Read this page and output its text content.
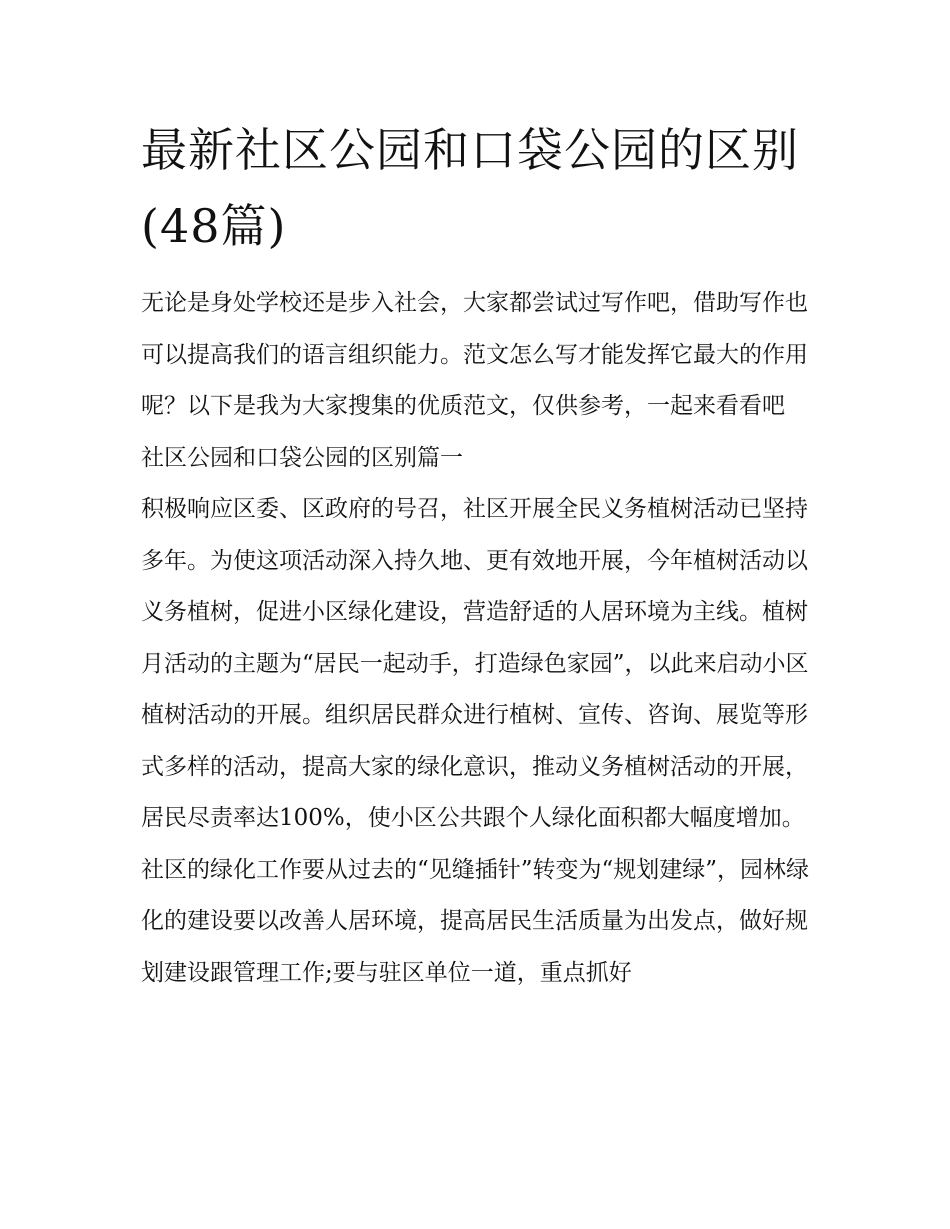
最新社区公园和口袋公园的区别(48篇)

无论是身处学校还是步入社会，大家都尝试过写作吧，借助写作也可以提高我们的语言组织能力。范文怎么写才能发挥它最大的作用呢？以下是我为大家搜集的优质范文，仅供参考，一起来看看吧

社区公园和口袋公园的区别篇一

积极响应区委、区政府的号召，社区开展全民义务植树活动已坚持多年。为使这项活动深入持久地、更有效地开展，今年植树活动以义务植树，促进小区绿化建设，营造舒适的人居环境为主线。植树月活动的主题为“居民一起动手，打造绿色家园”，以此来启动小区植树活动的开展。组织居民群众进行植树、宣传、咨询、展览等形式多样的活动，提高大家的绿化意识，推动义务植树活动的开展，居民尽责率达100%，使小区公共跟个人绿化面积都大幅度增加。

社区的绿化工作要从过去的“见缝插针”转变为“规划建绿”，园林绿化的建设要以改善人居环境，提高居民生活质量为出发点，做好规划建设跟管理工作;要与驻区单位一道，重点抓好
